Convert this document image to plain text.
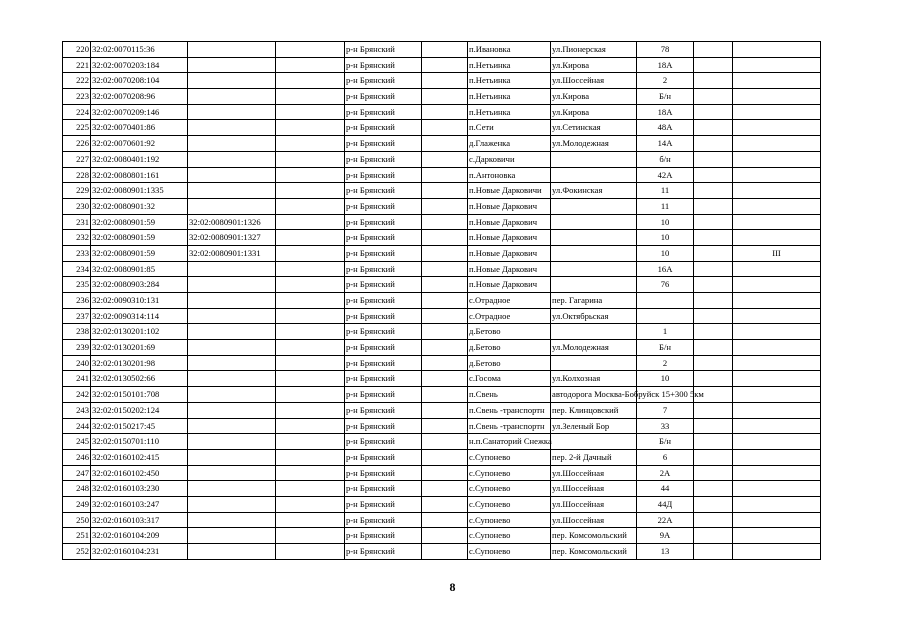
220	32:02:0070115:36			р-н Брянский		п.Ивановка	ул.Пионерская	78		
221	32:02:0070203:184			р-н Брянский		п.Нетьинка	ул.Кирова	18А		
222	32:02:0070208:104			р-н Брянский		п.Нетьинка	ул.Шоссейная	2		
223	32:02:0070208:96			р-н Брянский		п.Нетьинка	ул.Кирова	Б/н		
224	32:02:0070209:146			р-н Брянский		п.Нетьинка	ул.Кирова	18А		
225	32:02:0070401:86			р-н Брянский		п.Сети	ул.Сетинская	48А		
226	32:02:0070601:92			р-н Брянский		д.Глаженка	ул.Молодежная	14А		
227	32:02:0080401:192			р-н Брянский		с.Дарковичи		б/н		
228	32:02:0080801:161			р-н Брянский		п.Антоновка		42А		
229	32:02:0080901:1335			р-н Брянский		п.Новые Дарковичи	ул.Фокинская	11		
230	32:02:0080901:32			р-н Брянский		п.Новые Даркович		11		
231	32:02:0080901:59	32:02:0080901:1326		р-н Брянский		п.Новые Даркович		10		
232	32:02:0080901:59	32:02:0080901:1327		р-н Брянский		п.Новые Даркович		10		
233	32:02:0080901:59	32:02:0080901:1331		р-н Брянский		п.Новые Даркович		10		III
234	32:02:0080901:85			р-н Брянский		п.Новые Даркович		16А		
235	32:02:0080903:284			р-н Брянский		п.Новые Даркович		76		
236	32:02:0090310:131			р-н Брянский		с.Отрадное	пер. Гагарина			
237	32:02:0090314:114			р-н Брянский		с.Отрадное	ул.Октябрьская			
238	32:02:0130201:102			р-н Брянский		д.Бетово		1		
239	32:02:0130201:69			р-н Брянский		д.Бетово	ул.Молодежная	Б/н		
240	32:02:0130201:98			р-н Брянский		д.Бетово		2		
241	32:02:0130502:66			р-н Брянский		с.Госома	ул.Колхозная	10		
242	32:02:0150101:708			р-н Брянский		п.Свень	автодорога Москва-Бобруйск 15+300 5км			
243	32:02:0150202:124			р-н Брянский		п.Свень -транспортн	пер. Клинцовский	7		
244	32:02:0150217:45			р-н Брянский		п.Свень -транспортн	ул.Зеленый Бор	33		
245	32:02:0150701:110			р-н Брянский		н.п.Санаторий Снежка		Б/н		
246	32:02:0160102:415			р-н Брянский		с.Супонево	пер. 2-й Дачный	6		
247	32:02:0160102:450			р-н Брянский		с.Супонево	ул.Шоссейная	2А		
248	32:02:0160103:230			р-н Брянский		с.Супонево	ул.Шоссейная	44		
249	32:02:0160103:247			р-н Брянский		с.Супонево	ул.Шоссейная	44Д		
250	32:02:0160103:317			р-н Брянский		с.Супонево	ул.Шоссейная	22А		
251	32:02:0160104:209			р-н Брянский		с.Супонево	пер. Комсомольский	9А		
252	32:02:0160104:231			р-н Брянский		с.Супонево	пер. Комсомольский	13		
8
